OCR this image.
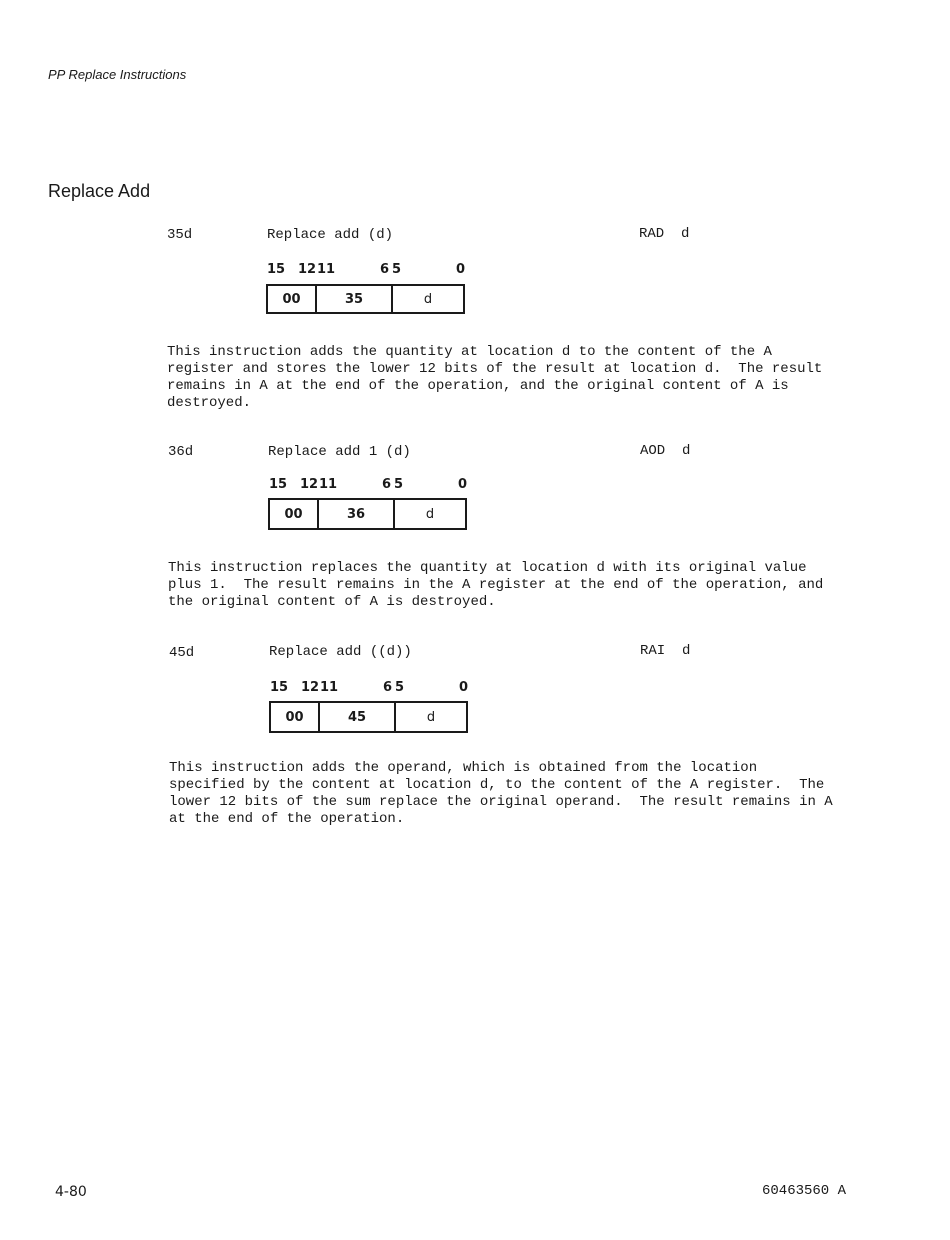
PP Replace Instructions
Replace Add
35d	Replace add (d)	RAD  d
15 12 11	6 5	0
00	35	d
This instruction adds the quantity at location d to the content of the A
register and stores the lower 12 bits of the result at location d.  The result
remains in A at the end of the operation, and the original content of A is
destroyed.
36d	Replace add 1 (d)	AOD  d
15 12 11	6 5	0
00	36	d
This instruction replaces the quantity at location d with its original value
plus 1.  The result remains in the A register at the end of the operation, and
the original content of A is destroyed.
45d	Replace add ((d))	RAI  d
15 12 11	6 5	0
00	45	d
This instruction adds the operand, which is obtained from the location
specified by the content at location d, to the content of the A register.  The
lower 12 bits of the sum replace the original operand.  The result remains in A
at the end of the operation.
4-80	60463560 A
